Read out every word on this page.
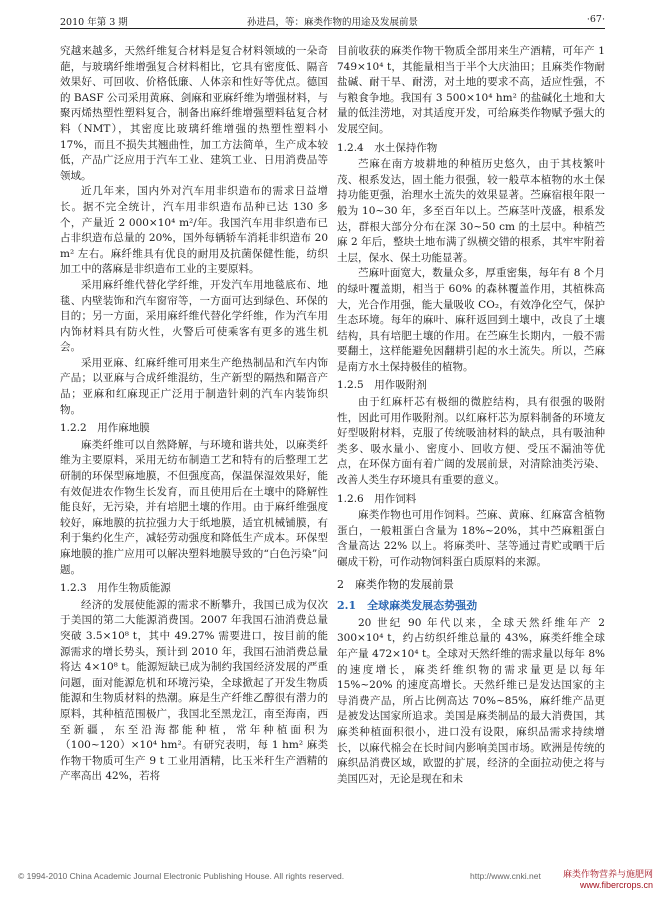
2010 年第 3 期	孙进昌，等：麻类作物的用途及发展前景	·67·

究越来越多，天然纤维复合材料是复合材料领域的一朵奇葩，与玻璃纤维增强复合材料相比，它具有密度低、隔音效果好、可回收、价格低廉、人体亲和性好等优点。德国的 BASF 公司采用黄麻、剑麻和亚麻纤维为增强材料，与聚丙烯热塑性塑料复合，制备出麻纤维增强塑料毡复合材料（NMT），其密度比玻璃纤维增强的热塑性塑料小 17%，而且不损失其翘曲性，加工方法简单，生产成本较低，产品广泛应用于汽车工业、建筑工业、日用消费品等领域。

近几年来，国内外对汽车用非织造布的需求日益增长。据不完全统计，汽车用非织造布品种已达 130 多个，产量近 2 000×10⁴ m²/年。我国汽车用非织造布已占非织造布总量的 20%，国外每辆轿车消耗非织造布 20 m² 左右。麻纤维具有优良的耐用及抗菌保健性能，纺织加工中的落麻是非织造布工业的主要原料。

采用麻纤维代替化学纤维，开发汽车用地毯底布、地毯、内壁装饰和汽车窗帘等，一方面可达到绿色、环保的目的；另一方面，采用麻纤维代替化学纤维，作为汽车用内饰材料具有防火性，火警后可使乘客有更多的逃生机会。

采用亚麻、红麻纤维可用来生产绝热制品和汽车内饰产品；以亚麻与合成纤维混纺，生产新型的隔热和隔音产品；亚麻和红麻现正广泛用于制造针刺的汽车内装饰织物。

1.2.2　用作麻地膜

麻类纤维可以自然降解，与环境和谐共处，以麻类纤维为主要原料，采用无纺布制造工艺和特有的后整理工艺研制的环保型麻地膜，不但强度高，保温保湿效果好，能有效促进农作物生长发育，而且使用后在土壤中的降解性能良好，无污染，并有培肥土壤的作用。由于麻纤维强度较好，麻地膜的抗拉强力大于纸地膜，适宜机械铺膜，有利于集约化生产，减轻劳动强度和降低生产成本。环保型麻地膜的推广应用可以解决塑料地膜导致的“白色污染”问题。

1.2.3　用作生物质能源

经济的发展使能源的需求不断攀升，我国已成为仅次于美国的第二大能源消费国。2007 年我国石油消费总量突破 3.5×10⁸ t，其中 49.27% 需要进口，按目前的能源需求的增长势头，预计到 2010 年，我国石油消费总量将达 4×10⁸ t。能源短缺已成为制约我国经济发展的严重问题，面对能源危机和环境污染，全球掀起了开发生物质能源和生物质材料的热潮。麻是生产纤维乙醇很有潜力的原料，其种植范围极广，我国北至黑龙江，南至海南，西至新疆，东至沿海都能种植，常年种植面积为（100~120）×10⁴ hm²。有研究表明，每 1 hm² 麻类作物干物质可生产 9 t 工业用酒精，比玉米秆生产酒精的产率高出 42%，若将

目前收获的麻类作物干物质全部用来生产酒精，可年产 1 749×10⁴ t，其能量相当于半个大庆油田；且麻类作物耐盐碱、耐干旱、耐涝，对土地的要求不高，适应性强，不与粮食争地。我国有 3 500×10⁴ hm² 的盐碱化土地和大量的低洼涝地，对其适度开发，可给麻类作物赋予强大的发展空间。

1.2.4　水土保持作物

苎麻在南方坡耕地的种植历史悠久，由于其枝繁叶茂、根系发达，固土能力很强，较一般草本植物的水土保持功能更强，治理水土流失的效果显著。苎麻宿根年限一般为 10~30 年，多至百年以上。苎麻茎叶茂盛，根系发达，群根大部分分布在深 30~50 cm 的土层中。种植苎麻 2 年后，整块土地布满了纵横交错的根系，其牢牢附着土层，保水、保土功能显著。

苎麻叶面宽大，数量众多，厚重密集，每年有 8 个月的绿叶覆盖期，相当于 60% 的森林覆盖作用，其植株高大，光合作用强，能大量吸收 CO₂，有效净化空气，保护生态环境。每年的麻叶、麻秆返回到土壤中，改良了土壤结构，具有培肥土壤的作用。在苎麻生长期内，一般不需要翻土，这样能避免因翻耕引起的水土流失。所以，苎麻是南方水土保持极佳的植物。

1.2.5　用作吸附剂

由于红麻杆芯有极细的微腔结构，具有很强的吸附性，因此可用作吸附剂。以红麻杆芯为原料制备的环境友好型吸附材料，克服了传统吸油材料的缺点，具有吸油种类多、吸水量小、密度小、回收方便、受压不漏油等优点，在环保方面有着广阔的发展前景，对清除油类污染、改善人类生存环境具有重要的意义。

1.2.6　用作饲料

麻类作物也可用作饲料。苎麻、黄麻、红麻富含植物蛋白，一般粗蛋白含量为 18%~20%，其中苎麻粗蛋白含量高达 22% 以上。将麻类叶、茎等通过青贮或晒干后碾成干粉，可作动物饲料蛋白质原料的来源。

2　麻类作物的发展前景
2.1　全球麻类发展态势强劲

20 世纪 90 年代以来，全球天然纤维年产 2 300×10⁴ t，约占纺织纤维总量的 43%，麻类纤维全球年产量 472×10⁴ t。全球对天然纤维的需求量以每年 8% 的速度增长，麻类纤维织物的需求量更是以每年 15%~20% 的速度高增长。天然纤维已是发达国家的主导消费产品，所占比例高达 70%~85%，麻纤维产品更是被发达国家所追求。美国是麻类制品的最大消费国，其麻类种植面积很小，进口没有设限，麻织品需求持续增长，以麻代棉会在长时间内影响美国市场。欧洲是传统的麻织品消费区域，欧盟的扩展，经济的全面拉动使之将与美国匹对，无论是现在和未

© 1994-2010 China Academic Journal Electronic Publishing House. All rights reserved.	http://www.cnki.net	麻类作物营养与施肥网
www.fibercrops.cn
